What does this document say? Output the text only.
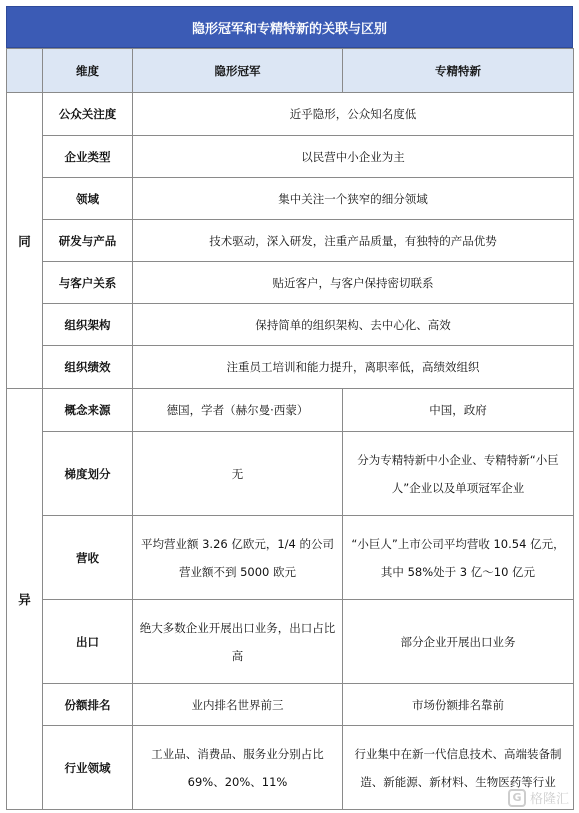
隐形冠军和专精特新的关联与区别
	维度	隐形冠军	专精特新
同	公众关注度	近乎隐形，公众知名度低	
	企业类型	以民营中小企业为主	
	领域	集中关注一个狭窄的细分领域	
	研发与产品	技术驱动，深入研发，注重产品质量，有独特的产品优势	
	与客户关系	贴近客户，与客户保持密切联系	
	组织架构	保持简单的组织架构、去中心化、高效	
	组织绩效	注重员工培训和能力提升，离职率低，高绩效组织	
异	概念来源	德国，学者（赫尔曼·西蒙）	中国，政府
	梯度划分	无	分为专精特新中小企业、专精特新“小巨人”企业以及单项冠军企业
	营收	平均营业额 3.26 亿欧元，1/4 的公司营业额不到 5000 欧元	“小巨人”上市公司平均营收 10.54 亿元，其中 58%处于 3 亿～10 亿元
	出口	绝大多数企业开展出口业务，出口占比高	部分企业开展出口业务
	份额排名	业内排名世界前三	市场份额排名靠前
	行业领域	工业品、消费品、服务业分别占比 69%、20%、11%	行业集中在新一代信息技术、高端装备制造、新能源、新材料、生物医药等行业
G 格隆汇
